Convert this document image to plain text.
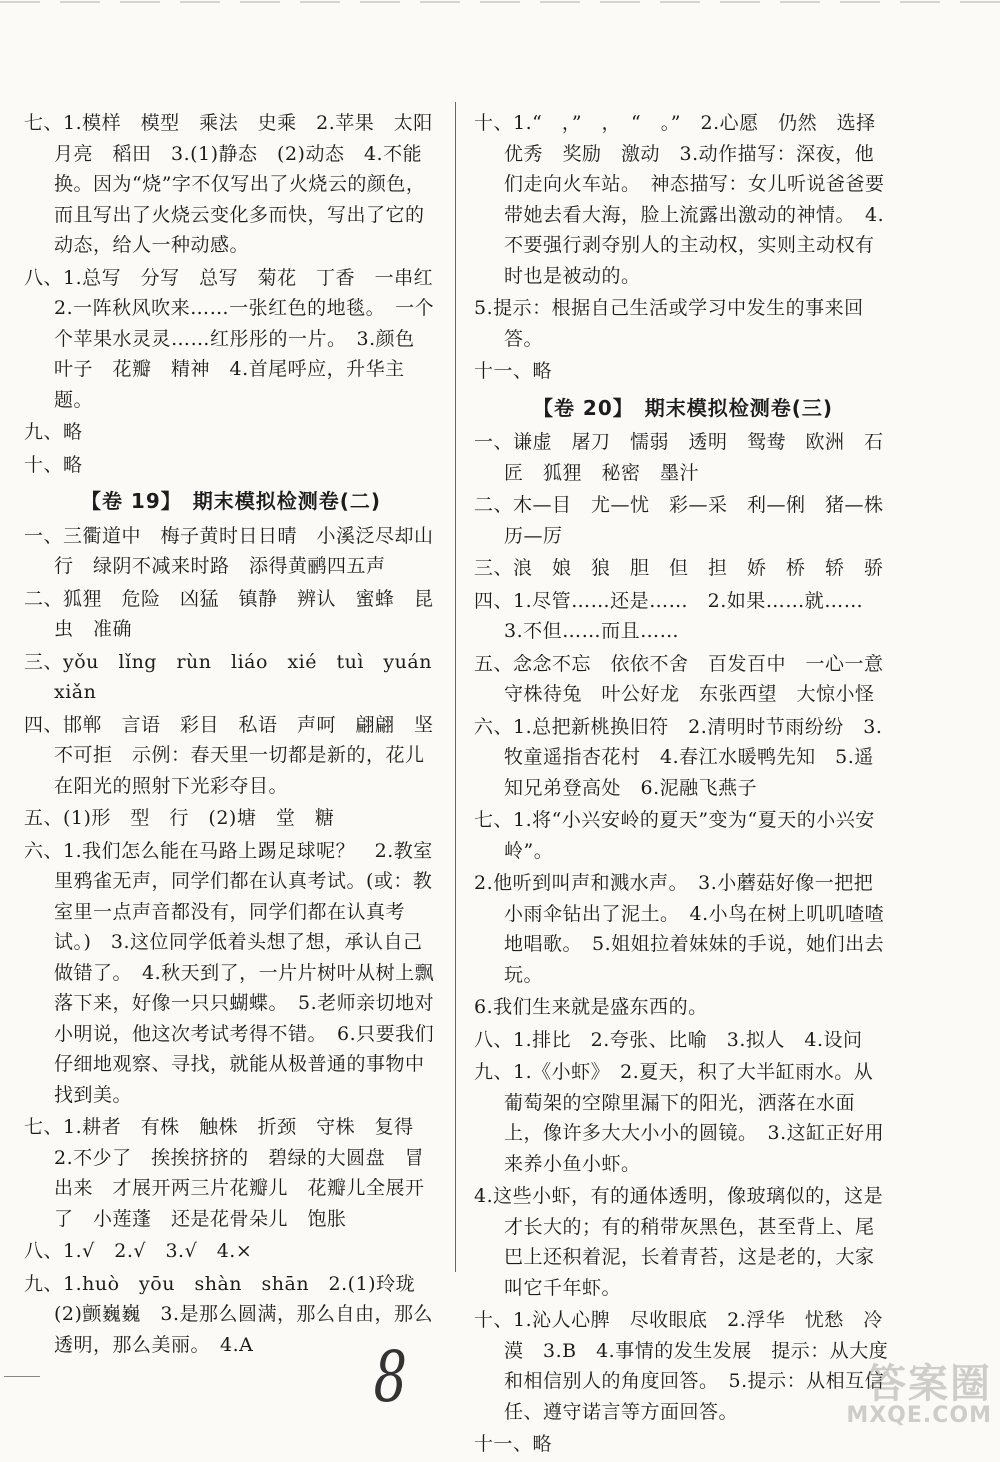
七、1.模样　模型　乘法　史乘　2.苹果　太阳　月亮　稻田　3.(1)静态　(2)动态　4.不能换。因为“烧”字不仅写出了火烧云的颜色，而且写出了火烧云变化多而快，写出了它的动态，给人一种动感。
八、1.总写　分写　总写　菊花　丁香　一串红　2.一阵秋风吹来……一张红色的地毯。　一个个苹果水灵灵……红彤彤的一片。　3.颜色　叶子　花瓣　精神　4.首尾呼应，升华主题。
九、略
十、略
【卷 19】　期末模拟检测卷(二)
一、三衢道中　梅子黄时日日晴　小溪泛尽却山行　绿阴不减来时路　添得黄鹂四五声
二、狐狸　危险　凶猛　镇静　辨认　蜜蜂　昆虫　准确
三、yǒu　lǐng　rùn　liáo　xié　tuì　yuán　xiǎn
四、邯郸　言语　彩目　私语　声呵　翩翩　坚不可拒　示例：春天里一切都是新的，花儿在阳光的照射下光彩夺目。
五、(1)形　型　行　(2)塘　堂　糖
六、1.我们怎么能在马路上踢足球呢？　2.教室里鸦雀无声，同学们都在认真考试。(或：教室里一点声音都没有，同学们都在认真考试。)　3.这位同学低着头想了想，承认自己做错了。　4.秋天到了，一片片树叶从树上飘落下来，好像一只只蝴蝶。　5.老师亲切地对小明说，他这次考试考得不错。　6.只要我们仔细地观察、寻找，就能从极普通的事物中找到美。
七、1.耕者　有株　触株　折颈　守株　复得　2.不少了　挨挨挤挤的　碧绿的大圆盘　冒出来　才展开两三片花瓣儿　花瓣儿全展开了　小莲蓬　还是花骨朵儿　饱胀
八、1.√　2.√　3.√　4.×
九、1.huò　yōu　shàn　shān　2.(1)玲珑　(2)颤巍巍　3.是那么圆满，那么自由，那么透明，那么美丽。　4.A
十、1.“　，”　，　“　。”　2.心愿　仍然　选择　优秀　奖励　激动　3.动作描写：深夜，他们走向火车站。　神态描写：女儿听说爸爸要带她去看大海，脸上流露出激动的神情。　4.不要强行剥夺别人的主动权，实则主动权有时也是被动的。
5.提示：根据自己生活或学习中发生的事来回答。
十一、略
【卷 20】　期末模拟检测卷(三)
一、谦虚　屠刀　懦弱　透明　鸳鸯　欧洲　石匠　狐狸　秘密　墨汁
二、木—目　尤—忧　彩—采　利—俐　猪—株　历—厉
三、浪　娘　狼　胆　但　担　娇　桥　轿　骄
四、1.尽管……还是……　2.如果……就……　3.不但……而且……
五、念念不忘　依依不舍　百发百中　一心一意　守株待兔　叶公好龙　东张西望　大惊小怪
六、1.总把新桃换旧符　2.清明时节雨纷纷　3.牧童遥指杏花村　4.春江水暖鸭先知　5.遥知兄弟登高处　6.泥融飞燕子
七、1.将“小兴安岭的夏天”变为“夏天的小兴安岭”。
2.他听到叫声和溅水声。　3.小蘑菇好像一把把小雨伞钻出了泥土。　4.小鸟在树上叽叽喳喳地唱歌。　5.姐姐拉着妹妹的手说，她们出去玩。
6.我们生来就是盛东西的。
八、1.排比　2.夸张、比喻　3.拟人　4.设问
九、1.《小虾》　2.夏天，积了大半缸雨水。从葡萄架的空隙里漏下的阳光，洒落在水面上，像许多大大小小的圆镜。　3.这缸正好用来养小鱼小虾。
4.这些小虾，有的通体透明，像玻璃似的，这是才长大的；有的稍带灰黑色，甚至背上、尾巴上还积着泥，长着青苔，这是老的，大家叫它千年虾。
十、1.沁人心脾　尽收眼底　2.浮华　忧愁　冷漠　3.B　4.事情的发生发展　提示：从大度和相信别人的角度回答。　5.提示：从相互信任、遵守诺言等方面回答。
十一、略
8	答案圈
MXQE.COM
